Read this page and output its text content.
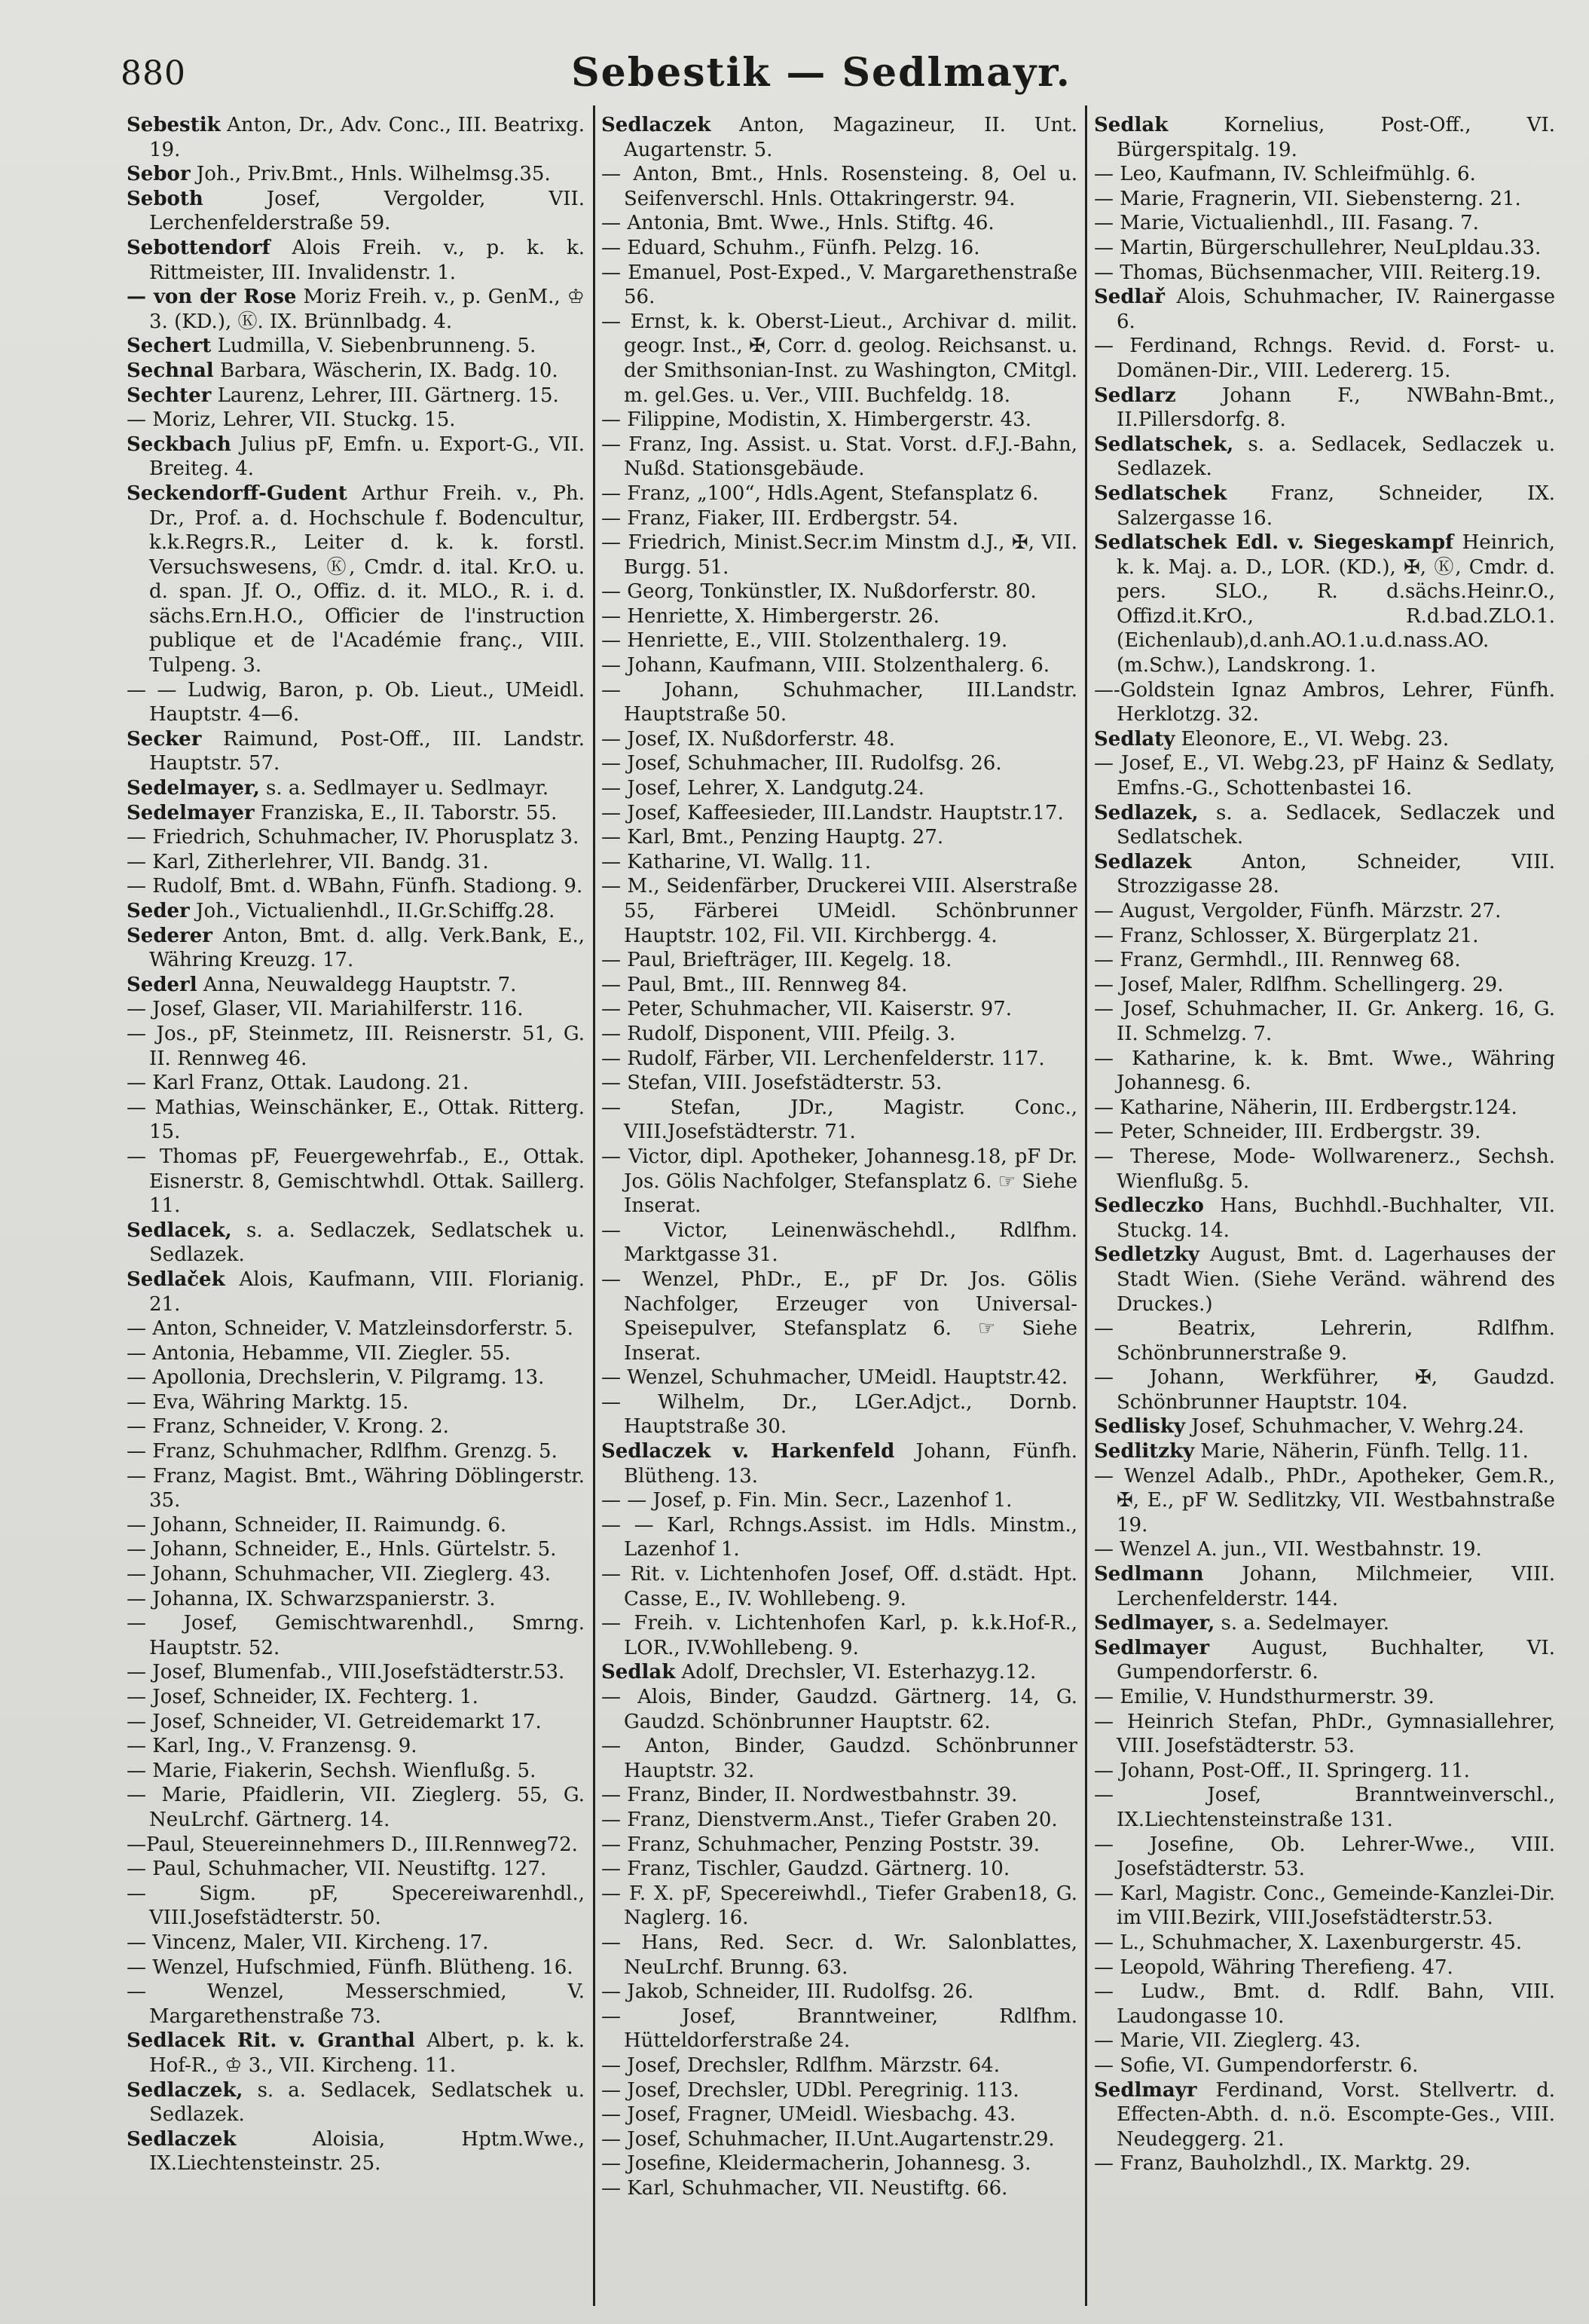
880	Sebestik — Sedlmayr.

Sebestik Anton, Dr., Adv. Conc., III. Beatrixg. 19.

Sebor Joh., Priv.Bmt., Hnls. Wilhelmsg.35.

Seboth Josef, Vergolder, VII. Lerchenfelderstraße 59.

Sebottendorf Alois Freih. v., p. k. k. Rittmeister, III. Invalidenstr. 1.

— von der Rose Moriz Freih. v., p. GenM., ♔ 3. (KD.), Ⓚ. IX. Brünnlbadg. 4.

Sechert Ludmilla, V. Siebenbrunneng. 5.

Sechnal Barbara, Wäscherin, IX. Badg. 10.

Sechter Laurenz, Lehrer, III. Gärtnerg. 15.

— Moriz, Lehrer, VII. Stuckg. 15.

Seckbach Julius pF, Emfn. u. Export-G., VII. Breiteg. 4.

Seckendorff-Gudent Arthur Freih. v., Ph. Dr., Prof. a. d. Hochschule f. Bodencultur, k.k.Regrs.R., Leiter d. k. k. forstl. Versuchswesens, Ⓚ, Cmdr. d. ital. Kr.O. u. d. span. Jf. O., Offiz. d. it. MLO., R. i. d. sächs.Ern.H.O., Officier de l'instruction publique et de l'Académie franç., VIII. Tulpeng. 3.

— — Ludwig, Baron, p. Ob. Lieut., UMeidl. Hauptstr. 4—6.

Secker Raimund, Post-Off., III. Landstr. Hauptstr. 57.

Sedelmayer, s. a. Sedlmayer u. Sedlmayr.

Sedelmayer Franziska, E., II. Taborstr. 55.

— Friedrich, Schuhmacher, IV. Phorusplatz 3.

— Karl, Zitherlehrer, VII. Bandg. 31.

— Rudolf, Bmt. d. WBahn, Fünfh. Stadiong. 9.

Seder Joh., Victualienhdl., II.Gr.Schiffg.28.

Sederer Anton, Bmt. d. allg. Verk.Bank, E., Währing Kreuzg. 17.

Sederl Anna, Neuwaldegg Hauptstr. 7.

— Josef, Glaser, VII. Mariahilferstr. 116.

— Jos., pF, Steinmetz, III. Reisnerstr. 51, G. II. Rennweg 46.

— Karl Franz, Ottak. Laudong. 21.

— Mathias, Weinschänker, E., Ottak. Ritterg. 15.

— Thomas pF, Feuergewehrfab., E., Ottak. Eisnerstr. 8, Gemischtwhdl. Ottak. Saillerg. 11.

Sedlacek, s. a. Sedlaczek, Sedlatschek u. Sedlazek.

Sedlaček Alois, Kaufmann, VIII. Florianig. 21.

— Anton, Schneider, V. Matzleinsdorferstr. 5.

— Antonia, Hebamme, VII. Ziegler. 55.

— Apollonia, Drechslerin, V. Pilgramg. 13.

— Eva, Währing Marktg. 15.

— Franz, Schneider, V. Krong. 2.

— Franz, Schuhmacher, Rdlfhm. Grenzg. 5.

— Franz, Magist. Bmt., Währing Döblingerstr. 35.

— Johann, Schneider, II. Raimundg. 6.

— Johann, Schneider, E., Hnls. Gürtelstr. 5.

— Johann, Schuhmacher, VII. Zieglerg. 43.

— Johanna, IX. Schwarzspanierstr. 3.

— Josef, Gemischtwarenhdl., Smrng. Hauptstr. 52.

— Josef, Blumenfab., VIII.Josefstädterstr.53.

— Josef, Schneider, IX. Fechterg. 1.

— Josef, Schneider, VI. Getreidemarkt 17.

— Karl, Ing., V. Franzensg. 9.

— Marie, Fiakerin, Sechsh. Wienflußg. 5.

— Marie, Pfaidlerin, VII. Zieglerg. 55, G. NeuLrchf. Gärtnerg. 14.

—Paul, Steuereinnehmers D., III.Rennweg72.

— Paul, Schuhmacher, VII. Neustiftg. 127.

— Sigm. pF, Specereiwarenhdl., VIII.Josefstädterstr. 50.

— Vincenz, Maler, VII. Kircheng. 17.

— Wenzel, Hufschmied, Fünfh. Blütheng. 16.

— Wenzel, Messerschmied, V. Margarethenstraße 73.

Sedlacek Rit. v. Granthal Albert, p. k. k. Hof-R., ♔ 3., VII. Kircheng. 11.

Sedlaczek, s. a. Sedlacek, Sedlatschek u. Sedlazek.

Sedlaczek Aloisia, Hptm.Wwe., IX.Liechtensteinstr. 25.

Sedlaczek Anton, Magazineur, II. Unt. Augartenstr. 5.

— Anton, Bmt., Hnls. Rosensteing. 8, Oel u. Seifenverschl. Hnls. Ottakringerstr. 94.

— Antonia, Bmt. Wwe., Hnls. Stiftg. 46.

— Eduard, Schuhm., Fünfh. Pelzg. 16.

— Emanuel, Post-Exped., V. Margarethenstraße 56.

— Ernst, k. k. Oberst-Lieut., Archivar d. milit. geogr. Inst., ✠, Corr. d. geolog. Reichsanst. u. der Smithsonian-Inst. zu Washington, CMitgl. m. gel.Ges. u. Ver., VIII. Buchfeldg. 18.

— Filippine, Modistin, X. Himbergerstr. 43.

— Franz, Ing. Assist. u. Stat. Vorst. d.F.J.-Bahn, Nußd. Stationsgebäude.

— Franz, „100“, Hdls.Agent, Stefansplatz 6.

— Franz, Fiaker, III. Erdbergstr. 54.

— Friedrich, Minist.Secr.im Minstm d.J., ✠, VII. Burgg. 51.

— Georg, Tonkünstler, IX. Nußdorferstr. 80.

— Henriette, X. Himbergerstr. 26.

— Henriette, E., VIII. Stolzenthalerg. 19.

— Johann, Kaufmann, VIII. Stolzenthalerg. 6.

— Johann, Schuhmacher, III.Landstr. Hauptstraße 50.

— Josef, IX. Nußdorferstr. 48.

— Josef, Schuhmacher, III. Rudolfsg. 26.

— Josef, Lehrer, X. Landgutg.24.

— Josef, Kaffeesieder, III.Landstr. Hauptstr.17.

— Karl, Bmt., Penzing Hauptg. 27.

— Katharine, VI. Wallg. 11.

— M., Seidenfärber, Druckerei VIII. Alserstraße 55, Färberei UMeidl. Schönbrunner Hauptstr. 102, Fil. VII. Kirchbergg. 4.

— Paul, Briefträger, III. Kegelg. 18.

— Paul, Bmt., III. Rennweg 84.

— Peter, Schuhmacher, VII. Kaiserstr. 97.

— Rudolf, Disponent, VIII. Pfeilg. 3.

— Rudolf, Färber, VII. Lerchenfelderstr. 117.

— Stefan, VIII. Josefstädterstr. 53.

— Stefan, JDr., Magistr. Conc., VIII.Josefstädterstr. 71.

— Victor, dipl. Apotheker, Johannesg.18, pF Dr. Jos. Gölis Nachfolger, Stefansplatz 6. ☞ Siehe Inserat.

— Victor, Leinenwäschehdl., Rdlfhm. Marktgasse 31.

— Wenzel, PhDr., E., pF Dr. Jos. Gölis Nachfolger, Erzeuger von Universal-Speisepulver, Stefansplatz 6. ☞ Siehe Inserat.

— Wenzel, Schuhmacher, UMeidl. Hauptstr.42.

— Wilhelm, Dr., LGer.Adjct., Dornb. Hauptstraße 30.

Sedlaczek v. Harkenfeld Johann, Fünfh. Blütheng. 13.

— — Josef, p. Fin. Min. Secr., Lazenhof 1.

— — Karl, Rchngs.Assist. im Hdls. Minstm., Lazenhof 1.

— Rit. v. Lichtenhofen Josef, Off. d.städt. Hpt. Casse, E., IV. Wohllebeng. 9.

— Freih. v. Lichtenhofen Karl, p. k.k.Hof-R., LOR., IV.Wohllebeng. 9.

Sedlak Adolf, Drechsler, VI. Esterhazyg.12.

— Alois, Binder, Gaudzd. Gärtnerg. 14, G. Gaudzd. Schönbrunner Hauptstr. 62.

— Anton, Binder, Gaudzd. Schönbrunner Hauptstr. 32.

— Franz, Binder, II. Nordwestbahnstr. 39.

— Franz, Dienstverm.Anst., Tiefer Graben 20.

— Franz, Schuhmacher, Penzing Poststr. 39.

— Franz, Tischler, Gaudzd. Gärtnerg. 10.

— F. X. pF, Specereiwhdl., Tiefer Graben18, G. Naglerg. 16.

— Hans, Red. Secr. d. Wr. Salonblattes, NeuLrchf. Brunng. 63.

— Jakob, Schneider, III. Rudolfsg. 26.

— Josef, Branntweiner, Rdlfhm. Hütteldorferstraße 24.

— Josef, Drechsler, Rdlfhm. Märzstr. 64.

— Josef, Drechsler, UDbl. Peregrinig. 113.

— Josef, Fragner, UMeidl. Wiesbachg. 43.

— Josef, Schuhmacher, II.Unt.Augartenstr.29.

— Josefine, Kleidermacherin, Johannesg. 3.

— Karl, Schuhmacher, VII. Neustiftg. 66.

Sedlak Kornelius, Post-Off., VI. Bürgerspitalg. 19.

— Leo, Kaufmann, IV. Schleifmühlg. 6.

— Marie, Fragnerin, VII. Siebensterng. 21.

— Marie, Victualienhdl., III. Fasang. 7.

— Martin, Bürgerschullehrer, NeuLpldau.33.

— Thomas, Büchsenmacher, VIII. Reiterg.19.

Sedlař Alois, Schuhmacher, IV. Rainergasse 6.

— Ferdinand, Rchngs. Revid. d. Forst- u. Domänen-Dir., VIII. Ledererg. 15.

Sedlarz Johann F., NWBahn-Bmt., II.Pillersdorfg. 8.

Sedlatschek, s. a. Sedlacek, Sedlaczek u. Sedlazek.

Sedlatschek Franz, Schneider, IX. Salzergasse 16.

Sedlatschek Edl. v. Siegeskampf Heinrich, k. k. Maj. a. D., LOR. (KD.), ✠, Ⓚ, Cmdr. d. pers. SLO., R. d.sächs.Heinr.O., Offizd.it.KrO., R.d.bad.ZLO.1. (Eichenlaub),d.anh.AO.1.u.d.nass.AO. (m.Schw.), Landskrong. 1.

—-Goldstein Ignaz Ambros, Lehrer, Fünfh. Herklotzg. 32.

Sedlaty Eleonore, E., VI. Webg. 23.

— Josef, E., VI. Webg.23, pF Hainz & Sedlaty, Emfns.-G., Schottenbastei 16.

Sedlazek, s. a. Sedlacek, Sedlaczek und Sedlatschek.

Sedlazek Anton, Schneider, VIII. Strozzigasse 28.

— August, Vergolder, Fünfh. Märzstr. 27.

— Franz, Schlosser, X. Bürgerplatz 21.

— Franz, Germhdl., III. Rennweg 68.

— Josef, Maler, Rdlfhm. Schellingerg. 29.

— Josef, Schuhmacher, II. Gr. Ankerg. 16, G. II. Schmelzg. 7.

— Katharine, k. k. Bmt. Wwe., Währing Johannesg. 6.

— Katharine, Näherin, III. Erdbergstr.124.

— Peter, Schneider, III. Erdbergstr. 39.

— Therese, Mode- Wollwarenerz., Sechsh. Wienflußg. 5.

Sedleczko Hans, Buchhdl.-Buchhalter, VII. Stuckg. 14.

Sedletzky August, Bmt. d. Lagerhauses der Stadt Wien. (Siehe Veränd. während des Druckes.)

— Beatrix, Lehrerin, Rdlfhm. Schönbrunnerstraße 9.

— Johann, Werkführer, ✠, Gaudzd. Schönbrunner Hauptstr. 104.

Sedlisky Josef, Schuhmacher, V. Wehrg.24.

Sedlitzky Marie, Näherin, Fünfh. Tellg. 11.

— Wenzel Adalb., PhDr., Apotheker, Gem.R., ✠, E., pF W. Sedlitzky, VII. Westbahnstraße 19.

— Wenzel A. jun., VII. Westbahnstr. 19.

Sedlmann Johann, Milchmeier, VIII. Lerchenfelderstr. 144.

Sedlmayer, s. a. Sedelmayer.

Sedlmayer August, Buchhalter, VI. Gumpendorferstr. 6.

— Emilie, V. Hundsthurmerstr. 39.

— Heinrich Stefan, PhDr., Gymnasiallehrer, VIII. Josefstädterstr. 53.

— Johann, Post-Off., II. Springerg. 11.

— Josef, Branntweinverschl., IX.Liechtensteinstraße 131.

— Josefine, Ob. Lehrer-Wwe., VIII. Josefstädterstr. 53.

— Karl, Magistr. Conc., Gemeinde-Kanzlei-Dir. im VIII.Bezirk, VIII.Josefstädterstr.53.

— L., Schuhmacher, X. Laxenburgerstr. 45.

— Leopold, Währing Therefieng. 47.

— Ludw., Bmt. d. Rdlf. Bahn, VIII. Laudongasse 10.

— Marie, VII. Zieglerg. 43.

— Sofie, VI. Gumpendorferstr. 6.

Sedlmayr Ferdinand, Vorst. Stellvertr. d. Effecten-Abth. d. n.ö. Escompte-Ges., VIII. Neudeggerg. 21.

— Franz, Bauholzhdl., IX. Marktg. 29.
